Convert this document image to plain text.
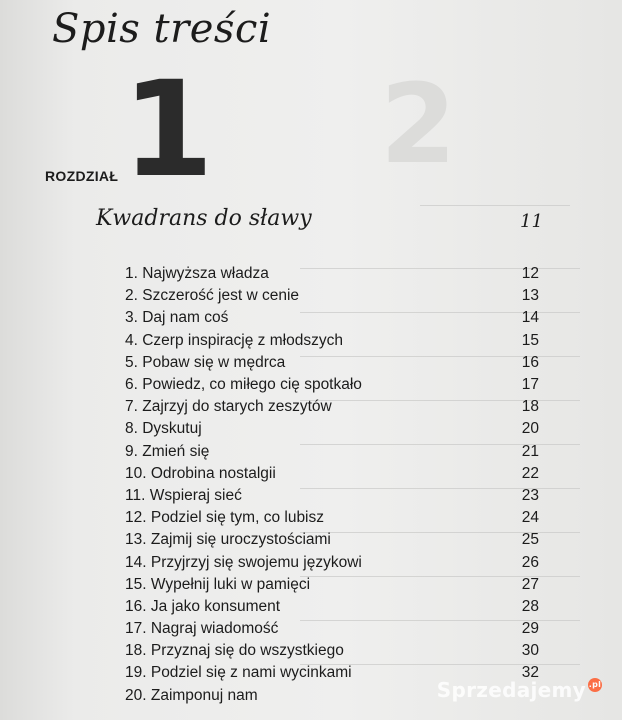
2
Spis treści
1
ROZDZIAŁ
Kwadrans do sławy	11
1. Najwyższa władza	12
2. Szczerość jest w cenie	13
3. Daj nam coś	14
4. Czerp inspirację z młodszych	15
5. Pobaw się w mędrca	16
6. Powiedz, co miłego cię spotkało	17
7. Zajrzyj do starych zeszytów	18
8. Dyskutuj	20
9. Zmień się	21
10. Odrobina nostalgii	22
11. Wspieraj sieć	23
12. Podziel się tym, co lubisz	24
13. Zajmij się uroczystościami	25
14. Przyjrzyj się swojemu językowi	26
15. Wypełnij luki w pamięci	27
16. Ja jako konsument	28
17. Nagraj wiadomość	29
18. Przyznaj się do wszystkiego	30
19. Podziel się z nami wycinkami	32
20. Zaimponuj nam	Sprzedajemy .pl
